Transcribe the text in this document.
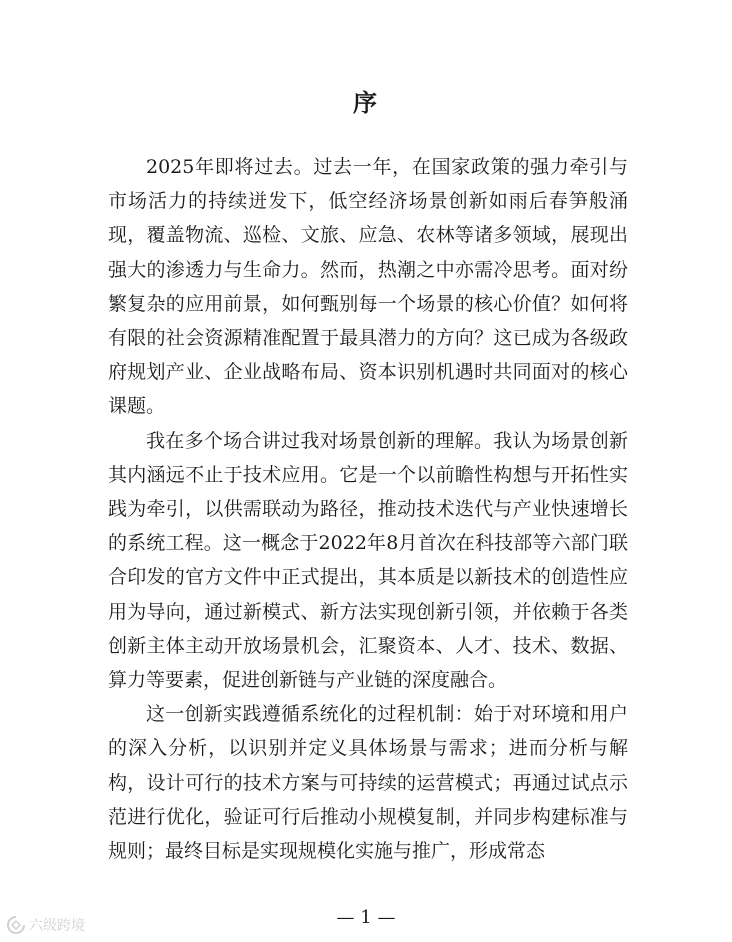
序

2025年即将过去。过去一年，在国家政策的强力牵引与市场活力的持续迸发下，低空经济场景创新如雨后春笋般涌现，覆盖物流、巡检、文旅、应急、农林等诸多领域，展现出强大的渗透力与生命力。然而，热潮之中亦需冷思考。面对纷繁复杂的应用前景，如何甄别每一个场景的核心价值？如何将有限的社会资源精准配置于最具潜力的方向？这已成为各级政府规划产业、企业战略布局、资本识别机遇时共同面对的核心课题。

我在多个场合讲过我对场景创新的理解。我认为场景创新其内涵远不止于技术应用。它是一个以前瞻性构想与开拓性实践为牵引，以供需联动为路径，推动技术迭代与产业快速增长的系统工程。这一概念于2022年8月首次在科技部等六部门联合印发的官方文件中正式提出，其本质是以新技术的创造性应用为导向，通过新模式、新方法实现创新引领，并依赖于各类创新主体主动开放场景机会，汇聚资本、人才、技术、数据、算力等要素，促进创新链与产业链的深度融合。

这一创新实践遵循系统化的过程机制：始于对环境和用户的深入分析，以识别并定义具体场景与需求；进而分析与解构，设计可行的技术方案与可持续的运营模式；再通过试点示范进行优化，验证可行后推动小规模复制，并同步构建标准与规则；最终目标是实现规模化实施与推广，形成常态

— 1 —
六级跨境
